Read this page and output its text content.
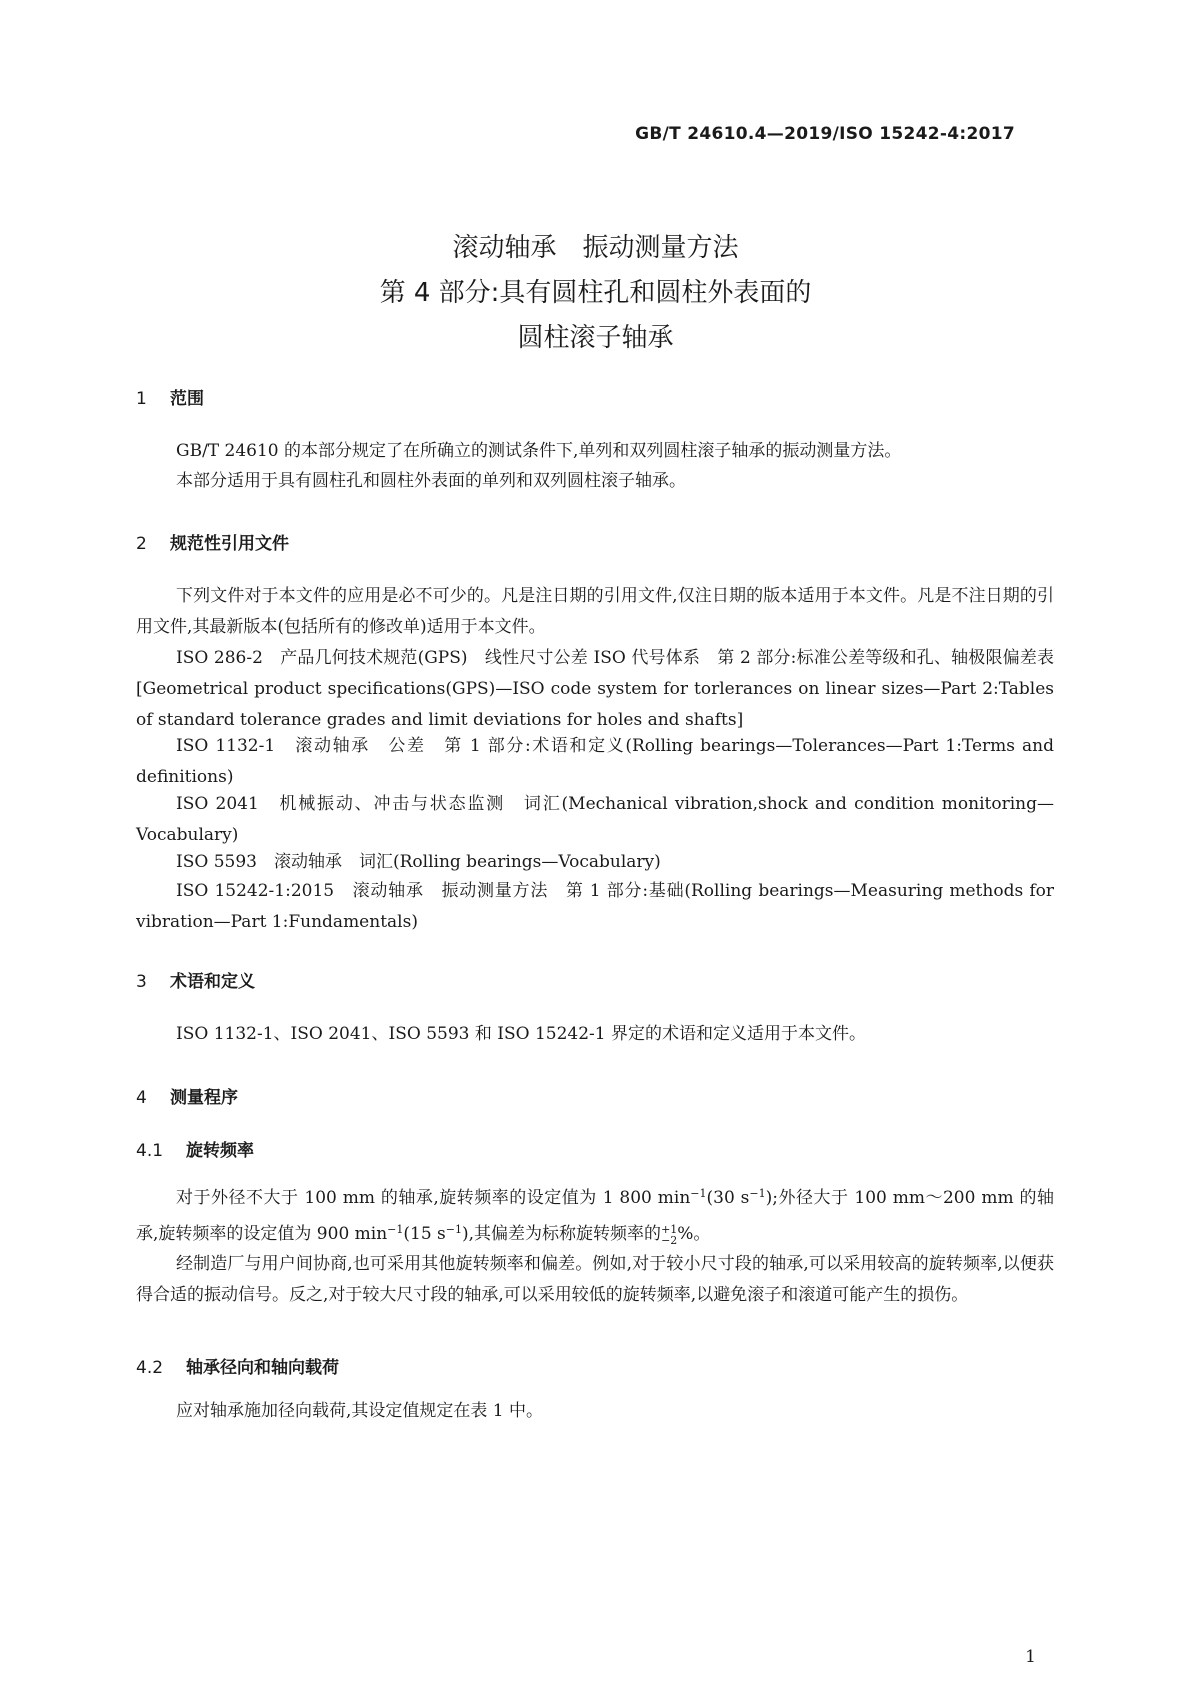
GB/T 24610.4—2019/ISO 15242-4:2017
滚动轴承　振动测量方法
第 4 部分:具有圆柱孔和圆柱外表面的
圆柱滚子轴承
1 范围

GB/T 24610 的本部分规定了在所确立的测试条件下,单列和双列圆柱滚子轴承的振动测量方法。

本部分适用于具有圆柱孔和圆柱外表面的单列和双列圆柱滚子轴承。

2 规范性引用文件

下列文件对于本文件的应用是必不可少的。凡是注日期的引用文件,仅注日期的版本适用于本文件。凡是不注日期的引用文件,其最新版本(包括所有的修改单)适用于本文件。

ISO 286-2　产品几何技术规范(GPS)　线性尺寸公差 ISO 代号体系　第 2 部分:标准公差等级和孔、轴极限偏差表[Geometrical product specifications(GPS)—ISO code system for torlerances on linear sizes—Part 2:Tables of standard tolerance grades and limit deviations for holes and shafts]

ISO 1132-1　滚动轴承　公差　第 1 部分:术语和定义(Rolling bearings—Tolerances—Part 1:Terms and definitions)

ISO 2041　机械振动、冲击与状态监测　词汇(Mechanical vibration,shock and condition monitoring—Vocabulary)

ISO 5593　滚动轴承　词汇(Rolling bearings—Vocabulary)

ISO 15242-1:2015　滚动轴承　振动测量方法　第 1 部分:基础(Rolling bearings—Measuring methods for vibration—Part 1:Fundamentals)

3 术语和定义

ISO 1132-1、ISO 2041、ISO 5593 和 ISO 15242-1 界定的术语和定义适用于本文件。

4 测量程序
4.1 旋转频率

对于外径不大于 100 mm 的轴承,旋转频率的设定值为 1 800 $\min^{-1}(30$ $s^{-1}$);外径大于 100 mm～200 mm 的轴承,旋转频率的设定值为 900 $\min^{-1}(15$ $s^{-1}$),其偏差为标称旋转频率的 +1
−2 %。

经制造厂与用户间协商,也可采用其他旋转频率和偏差。例如,对于较小尺寸段的轴承,可以采用较高的旋转频率,以便获得合适的振动信号。反之,对于较大尺寸段的轴承,可以采用较低的旋转频率,以避免滚子和滚道可能产生的损伤。

4.2 轴承径向和轴向载荷

应对轴承施加径向载荷,其设定值规定在表 1 中。

1
